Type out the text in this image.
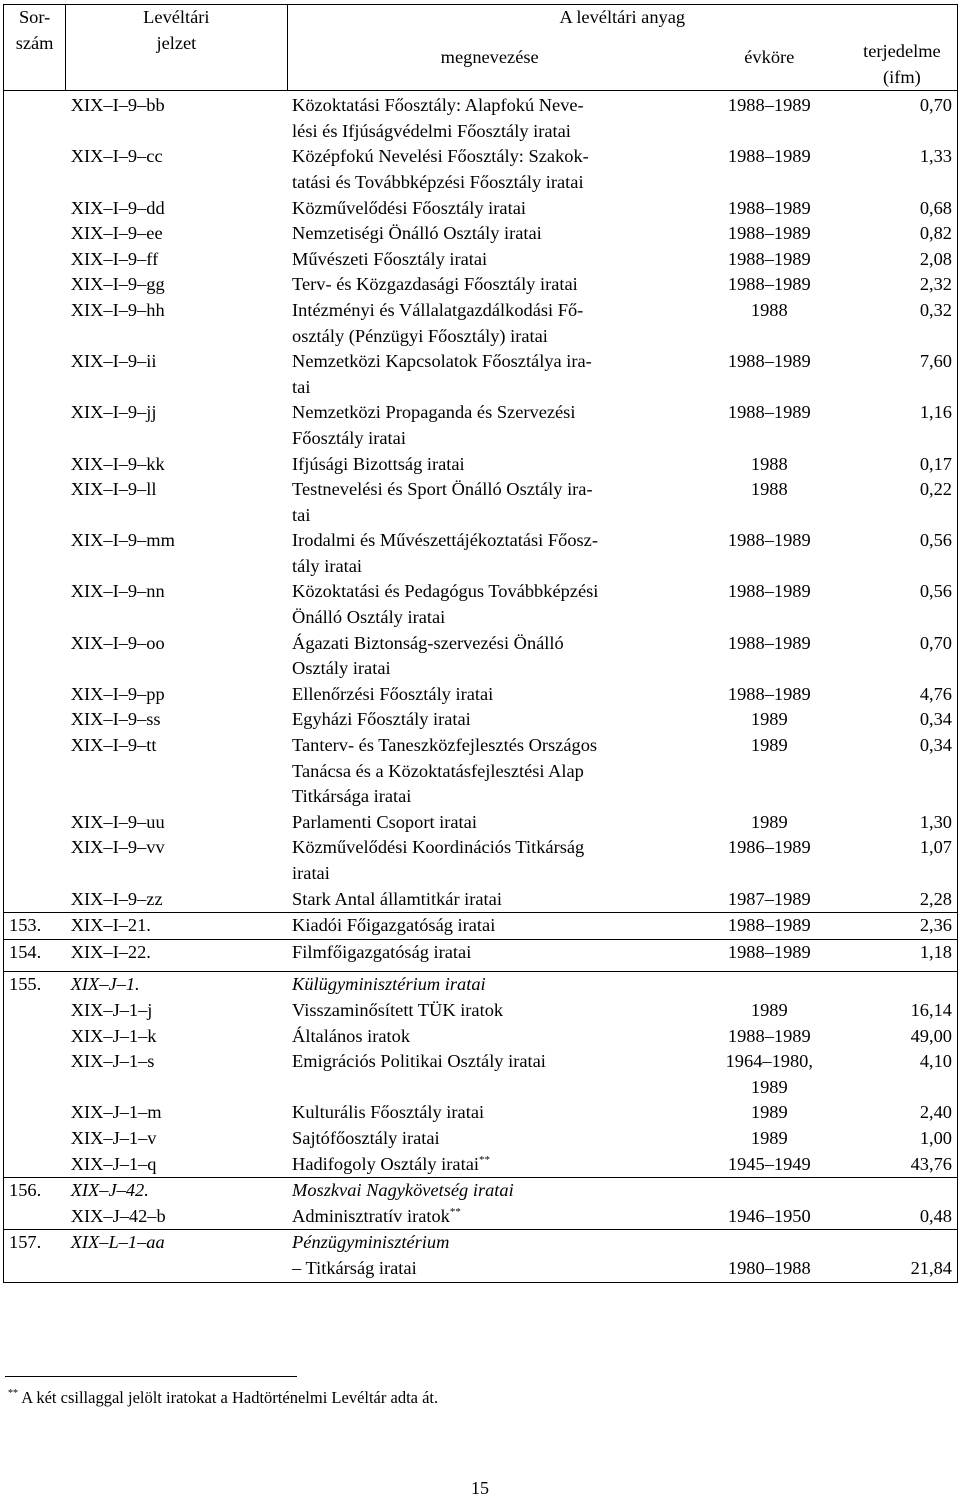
Sor-
szám	Levéltári
jelzet	A levéltári anyag		
		megnevezése	évköre	terjedelme
(ifm)

	XIX–I–9–bb	Közoktatási Főosztály: Alapfokú Neve-
lési és Ifjúságvédelmi Főosztály iratai	1988–1989	0,70
	XIX–I–9–cc	Középfokú Nevelési Főosztály: Szakok-
tatási és Továbbképzési Főosztály iratai	1988–1989	1,33
	XIX–I–9–dd	Közművelődési Főosztály iratai	1988–1989	0,68
	XIX–I–9–ee	Nemzetiségi Önálló Osztály iratai	1988–1989	0,82
	XIX–I–9–ff	Művészeti Főosztály iratai	1988–1989	2,08
	XIX–I–9–gg	Terv- és Közgazdasági Főosztály iratai	1988–1989	2,32
	XIX–I–9–hh	Intézményi és Vállalatgazdálkodási Fő-
osztály (Pénzügyi Főosztály) iratai	1988	0,32
	XIX–I–9–ii	Nemzetközi Kapcsolatok Főosztálya ira-
tai	1988–1989	7,60
	XIX–I–9–jj	Nemzetközi Propaganda és Szervezési
Főosztály iratai	1988–1989	1,16
	XIX–I–9–kk	Ifjúsági Bizottság iratai	1988	0,17
	XIX–I–9–ll	Testnevelési és Sport Önálló Osztály ira-
tai	1988	0,22
	XIX–I–9–mm	Irodalmi és Művészettájékoztatási Főosz-
tály iratai	1988–1989	0,56
	XIX–I–9–nn	Közoktatási és Pedagógus Továbbképzési
Önálló Osztály iratai	1988–1989	0,56
	XIX–I–9–oo	Ágazati Biztonság-szervezési Önálló
Osztály iratai	1988–1989	0,70
	XIX–I–9–pp	Ellenőrzési Főosztály iratai	1988–1989	4,76
	XIX–I–9–ss	Egyházi Főosztály iratai	1989	0,34
	XIX–I–9–tt	Tanterv- és Taneszközfejlesztés Országos
Tanácsa és a Közoktatásfejlesztési Alap
Titkársága iratai	1989	0,34
	XIX–I–9–uu	Parlamenti Csoport iratai	1989	1,30
	XIX–I–9–vv	Közművelődési Koordinációs Titkárság
iratai	1986–1989	1,07
	XIX–I–9–zz	Stark Antal államtitkár iratai	1987–1989	2,28
153.	XIX–I–21.	Kiadói Főigazgatóság iratai	1988–1989	2,36
154.	XIX–I–22.	Filmfőigazgatóság iratai	1988–1989	1,18
155.	XIX–J–1.	Külügyminisztérium iratai		
	XIX–J–1–j	Visszaminősített TÜK iratok	1989	16,14
	XIX–J–1–k	Általános iratok	1988–1989	49,00
	XIX–J–1–s	Emigrációs Politikai Osztály iratai	1964–1980,
1989	4,10
	XIX–J–1–m	Kulturális Főosztály iratai	1989	2,40
	XIX–J–1–v	Sajtófőosztály iratai	1989	1,00
	XIX–J–1–q	Hadifogoly Osztály iratai**	1945–1949	43,76
156.	XIX–J–42.	Moszkvai Nagykövetség iratai		
	XIX–J–42–b	Adminisztratív iratok**	1946–1950	0,48
157.	XIX–L–1–aa	Pénzügyminisztérium		
		– Titkárság iratai	1980–1988	21,84
** A két csillaggal jelölt iratokat a Hadtörténelmi Levéltár adta át.
15
